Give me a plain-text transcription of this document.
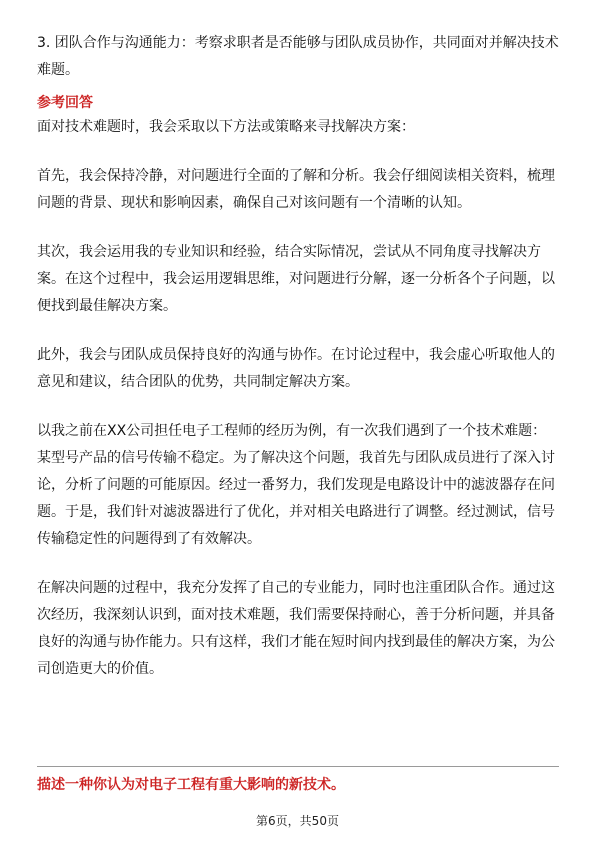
3. 团队合作与沟通能力：考察求职者是否能够与团队成员协作，共同面对并解决技术难题。

参考回答

面对技术难题时，我会采取以下方法或策略来寻找解决方案：

首先，我会保持冷静，对问题进行全面的了解和分析。我会仔细阅读相关资料，梳理问题的背景、现状和影响因素，确保自己对该问题有一个清晰的认知。

其次，我会运用我的专业知识和经验，结合实际情况，尝试从不同角度寻找解决方案。在这个过程中，我会运用逻辑思维，对问题进行分解，逐一分析各个子问题，以便找到最佳解决方案。

此外，我会与团队成员保持良好的沟通与协作。在讨论过程中，我会虚心听取他人的意见和建议，结合团队的优势，共同制定解决方案。

以我之前在XX公司担任电子工程师的经历为例，有一次我们遇到了一个技术难题：某型号产品的信号传输不稳定。为了解决这个问题，我首先与团队成员进行了深入讨论，分析了问题的可能原因。经过一番努力，我们发现是电路设计中的滤波器存在问题。于是，我们针对滤波器进行了优化，并对相关电路进行了调整。经过测试，信号传输稳定性的问题得到了有效解决。

在解决问题的过程中，我充分发挥了自己的专业能力，同时也注重团队合作。通过这次经历，我深刻认识到，面对技术难题，我们需要保持耐心，善于分析问题，并具备良好的沟通与协作能力。只有这样，我们才能在短时间内找到最佳的解决方案，为公司创造更大的价值。

描述一种你认为对电子工程有重大影响的新技术。
第6页，共50页
